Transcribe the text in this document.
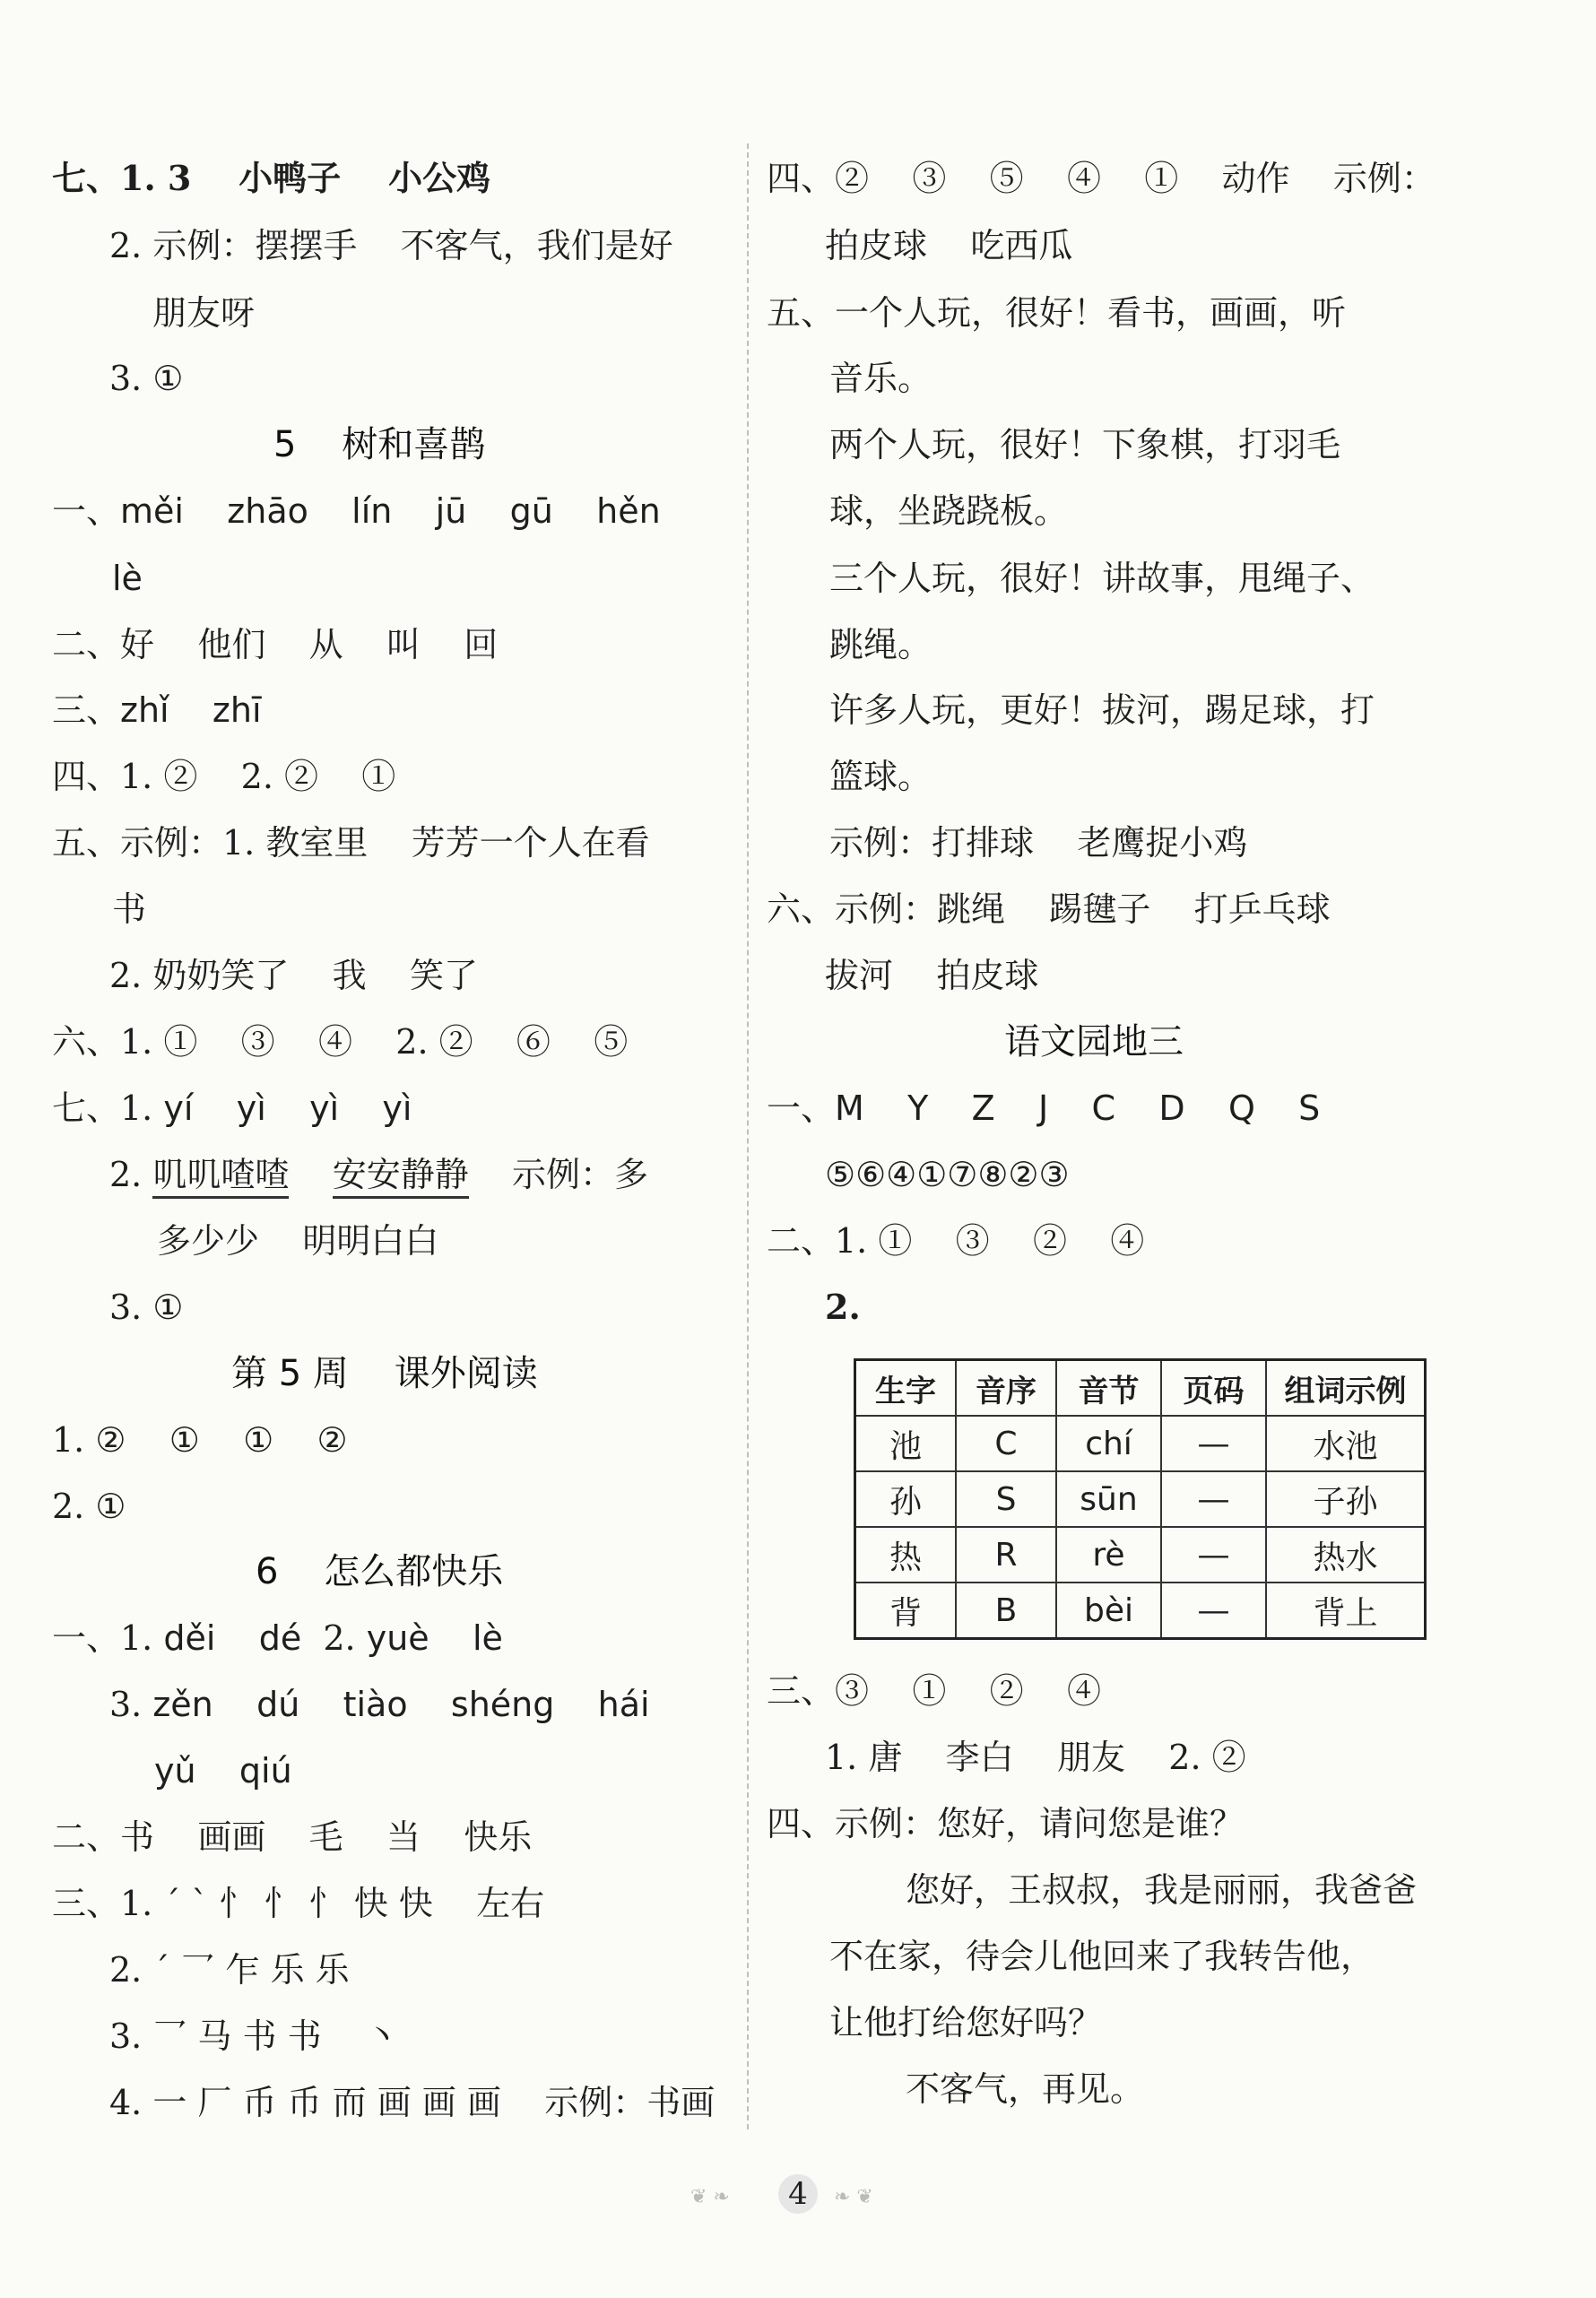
七、1. 3    小鸭子    小公鸡
2. 示例：摆摆手    不客气，我们是好
朋友呀
3. ①
5    树和喜鹊
一、měi    zhāo    lín    jū    gū    hěn
lè
二、好    他们    从    叫    回
三、zhǐ    zhī
四、1. ②    2. ②    ①
五、示例：1. 教室里    芳芳一个人在看
书
2. 奶奶笑了    我    笑了
六、1. ①    ③    ④    2. ②    ⑥    ⑤
七、1. yí    yì    yì    yì
2. 叽叽喳喳 安安静静 示例：多
多少少    明明白白
3. ①
第 5 周    课外阅读
1. ②    ①    ①    ②
2. ①
6    怎么都快乐
一、1. děi    dé  2. yuè    lè
3. zěn    dú    tiào    shéng    hái
yǔ    qiú
二、书    画画    毛    当    快乐
三、1. ˊ ˋ 忄 忄 忄 快 快    左右
2. ˊ 乛 乍 乐 乐
3. 乛 马 书 书    丶
4. 一 厂 币 币 而 画 画 画    示例：书画
四、②    ③    ⑤    ④    ①    动作    示例：
拍皮球    吃西瓜
五、一个人玩，很好！看书，画画，听
音乐。
两个人玩，很好！下象棋，打羽毛
球，坐跷跷板。
三个人玩，很好！讲故事，甩绳子、
跳绳。
许多人玩，更好！拔河，踢足球，打
篮球。
示例：打排球    老鹰捉小鸡
六、示例：跳绳    踢毽子    打乒乓球
拔河    拍皮球
语文园地三
一、M    Y    Z    J    C    D    Q    S
⑤⑥④①⑦⑧②③
二、1. ①    ③    ②    ④
2.
生字	音序	音节	页码	组词示例
池	C	chí	—	水池
孙	S	sūn	—	子孙
热	R	rè	—	热水
背	B	bèi	—	背上
三、③    ①    ②    ④
1. 唐    李白    朋友    2. ②
四、示例：您好，请问您是谁？
您好，王叔叔，我是丽丽，我爸爸
不在家，待会儿他回来了我转告他，
让他打给您好吗？
不客气，再见。
❦ ❧	4	❧ ❦
